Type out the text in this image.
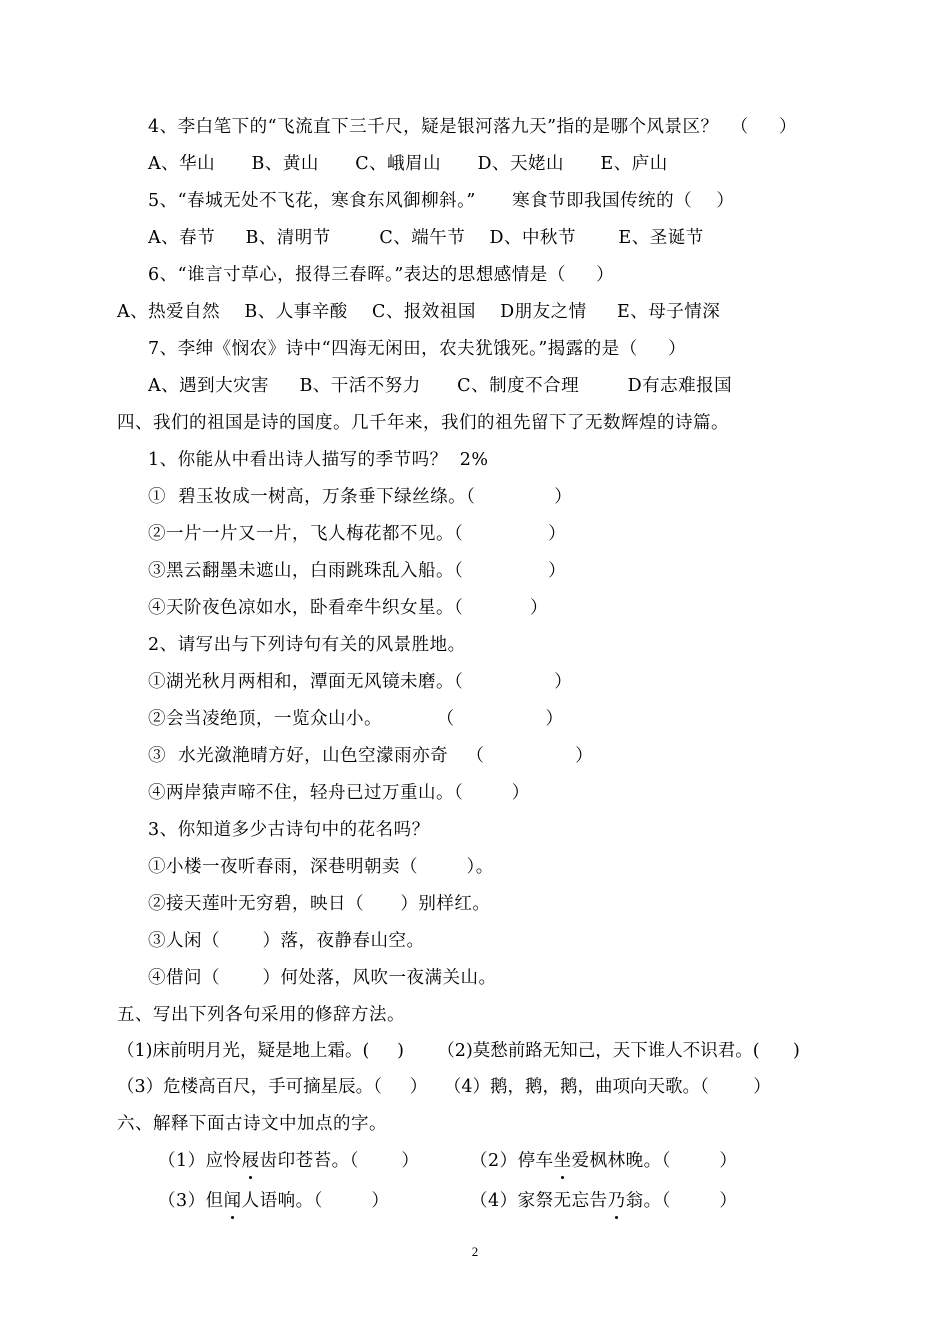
4、李白笔下的“飞流直下三千尺，疑是银河落九天”指的是哪个风景区？  （     ）
A、华山      B、黄山      C、峨眉山      D、天姥山      E、庐山
5、“春城无处不飞花，寒食东风御柳斜。”      寒食节即我国传统的（    ）
A、春节     B、清明节        C、端午节    D、中秋节       E、圣诞节
6、“谁言寸草心，报得三春晖。”表达的思想感情是（     ）
A、热爱自然    B、人事辛酸    C、报效祖国    D朋友之情     E、母子情深
7、李绅《悯农》诗中“四海无闲田，农夫犹饿死。”揭露的是（     ）
A、遇到大灾害     B、干活不努力      C、制度不合理        D有志难报国
四、我们的祖国是诗的国度。几千年来，我们的祖先留下了无数辉煌的诗篇。
1、你能从中看出诗人描写的季节吗？  2%
①  碧玉妆成一树高，万条垂下绿丝绦。（             ）
②一片一片又一片，飞人梅花都不见。（              ）
③黑云翻墨未遮山，白雨跳珠乱入船。（              ）
④天阶夜色凉如水，卧看牵牛织女星。（           ）
2、请写出与下列诗句有关的风景胜地。
①湖光秋月两相和，潭面无风镜未磨。（               ）
②会当凌绝顶，一览众山小。         （               ）
③  水光潋滟晴方好，山色空濛雨亦奇   （               ）
④两岸猿声啼不住，轻舟已过万重山。（        ）
3、你知道多少古诗句中的花名吗？
①小楼一夜听春雨，深巷明朝卖（        ）。
②接天莲叶无穷碧，映日（      ）别样红。
③人闲（       ）落，夜静春山空。
④借问（       ）何处落，风吹一夜满关山。
五、写出下列各句采用的修辞方法。
（1)床前明月光，疑是地上霜。(     )      （2)莫愁前路无知己，天下谁人不识君。(      )
（3）危楼高百尺，手可摘星辰。（     ）   （4）鹅，鹅，鹅，曲项向天歌。（        ）
六、解释下面古诗文中加点的字。
（1）应怜屐齿印苍苔。（       ）	（2）停车坐爱枫林晚。（        ）
（3）但闻人语响。（        ）	（4）家祭无忘告乃翁。（        ）
2
